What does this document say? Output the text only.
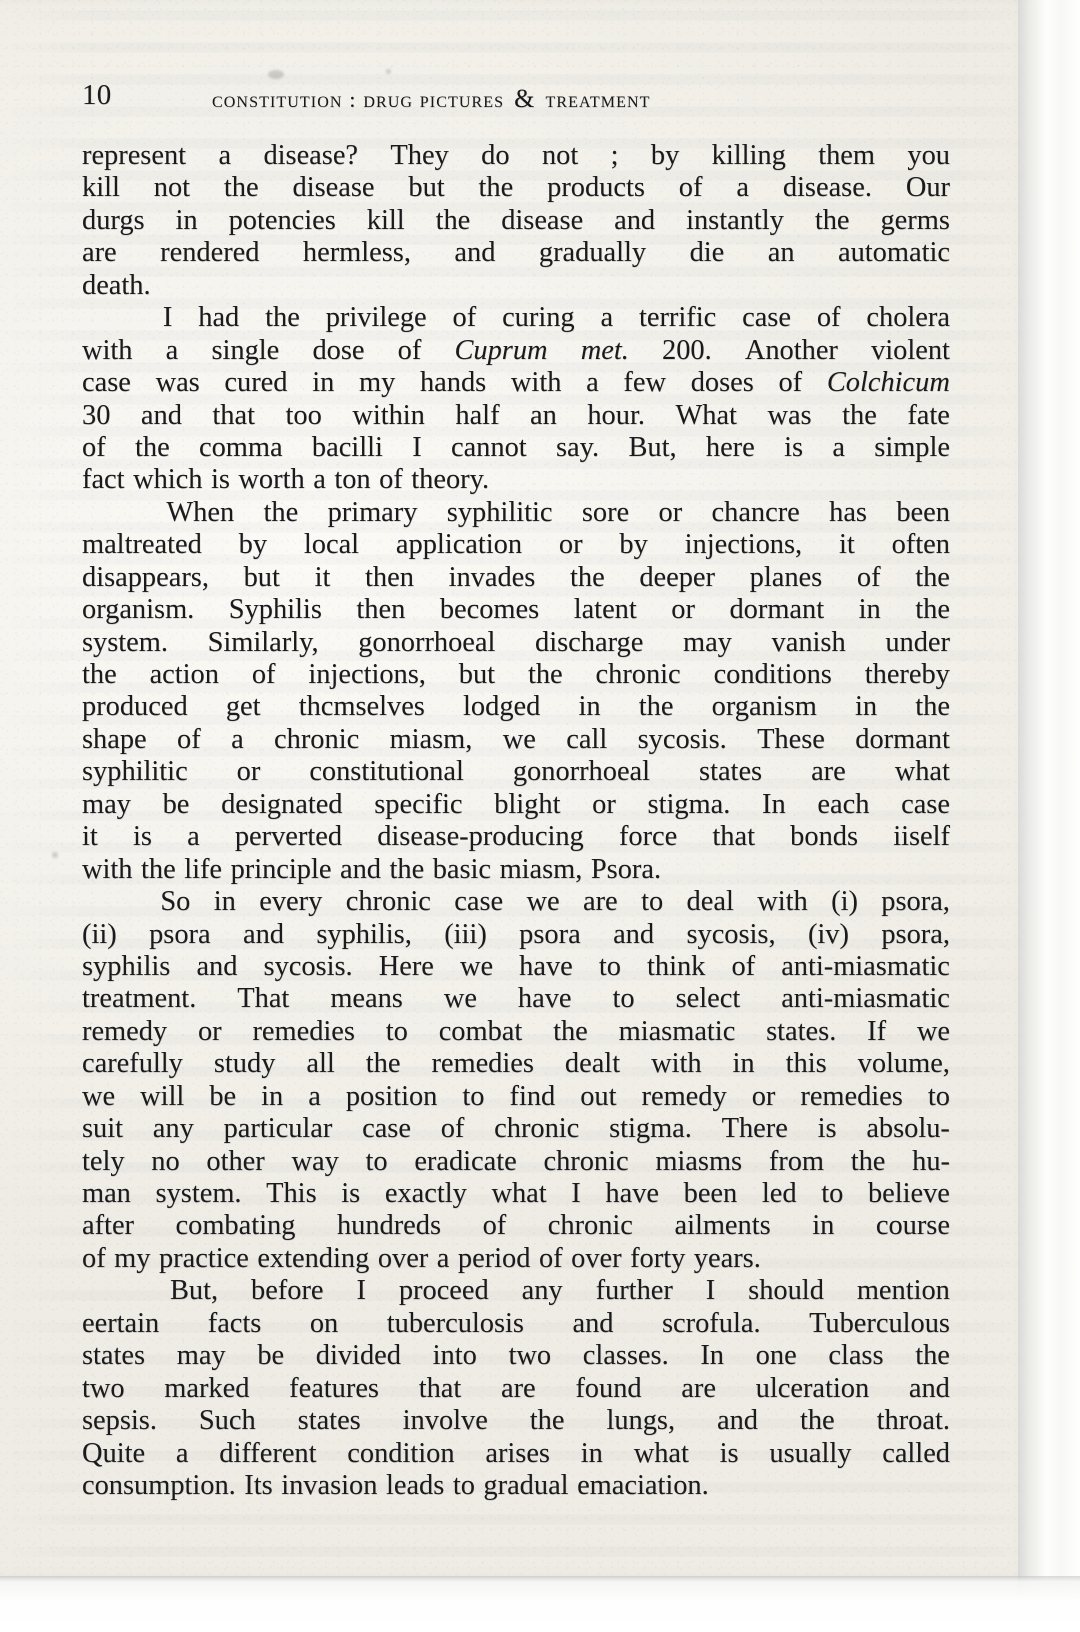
10	constitution : drug pictures & treatment
represent a disease? They do not ; by killing them you
kill not the disease but the products of a disease. Our
durgs in potencies kill the disease and instantly the germs
are rendered hermless, and gradually die an automatic
death.
I had the privilege of curing a terrific case of cholera
with a single dose of Cuprum met. 200. Another violent
case was cured in my hands with a few doses of Colchicum
30 and that too within half an hour. What was the fate
of the comma bacilli I cannot say. But, here is a simple
fact which is worth a ton of theory.
When the primary syphilitic sore or chancre has been
maltreated by local application or by injections, it often
disappears, but it then invades the deeper planes of the
organism. Syphilis then becomes latent or dormant in the
system. Similarly, gonorrhoeal discharge may vanish under
the action of injections, but the chronic conditions thereby
produced get thcmselves lodged in the organism in the
shape of a chronic miasm, we call sycosis. These dormant
syphilitic or constitutional gonorrhoeal states are what
may be designated specific blight or stigma. In each case
it is a perverted disease-producing force that bonds iiself
with the life principle and the basic miasm, Psora.
So in every chronic case we are to deal with (i) psora,
(ii) psora and syphilis, (iii) psora and sycosis, (iv) psora,
syphilis and sycosis. Here we have to think of anti-miasmatic
treatment. That means we have to select anti-miasmatic
remedy or remedies to combat the miasmatic states. If we
carefully study all the remedies dealt with in this volume,
we will be in a position to find out remedy or remedies to
suit any particular case of chronic stigma. There is absolu-
tely no other way to eradicate chronic miasms from the hu-
man system. This is exactly what I have been led to believe
after combating hundreds of chronic ailments in course
of my practice extending over a period of over forty years.
But, before I proceed any further I should mention
eertain facts on tuberculosis and scrofula. Tuberculous
states may be divided into two classes. In one class the
two marked features that are found are ulceration and
sepsis. Such states involve the lungs, and the throat.
Quite a different condition arises in what is usually called
consumption. Its invasion leads to gradual emaciation.
